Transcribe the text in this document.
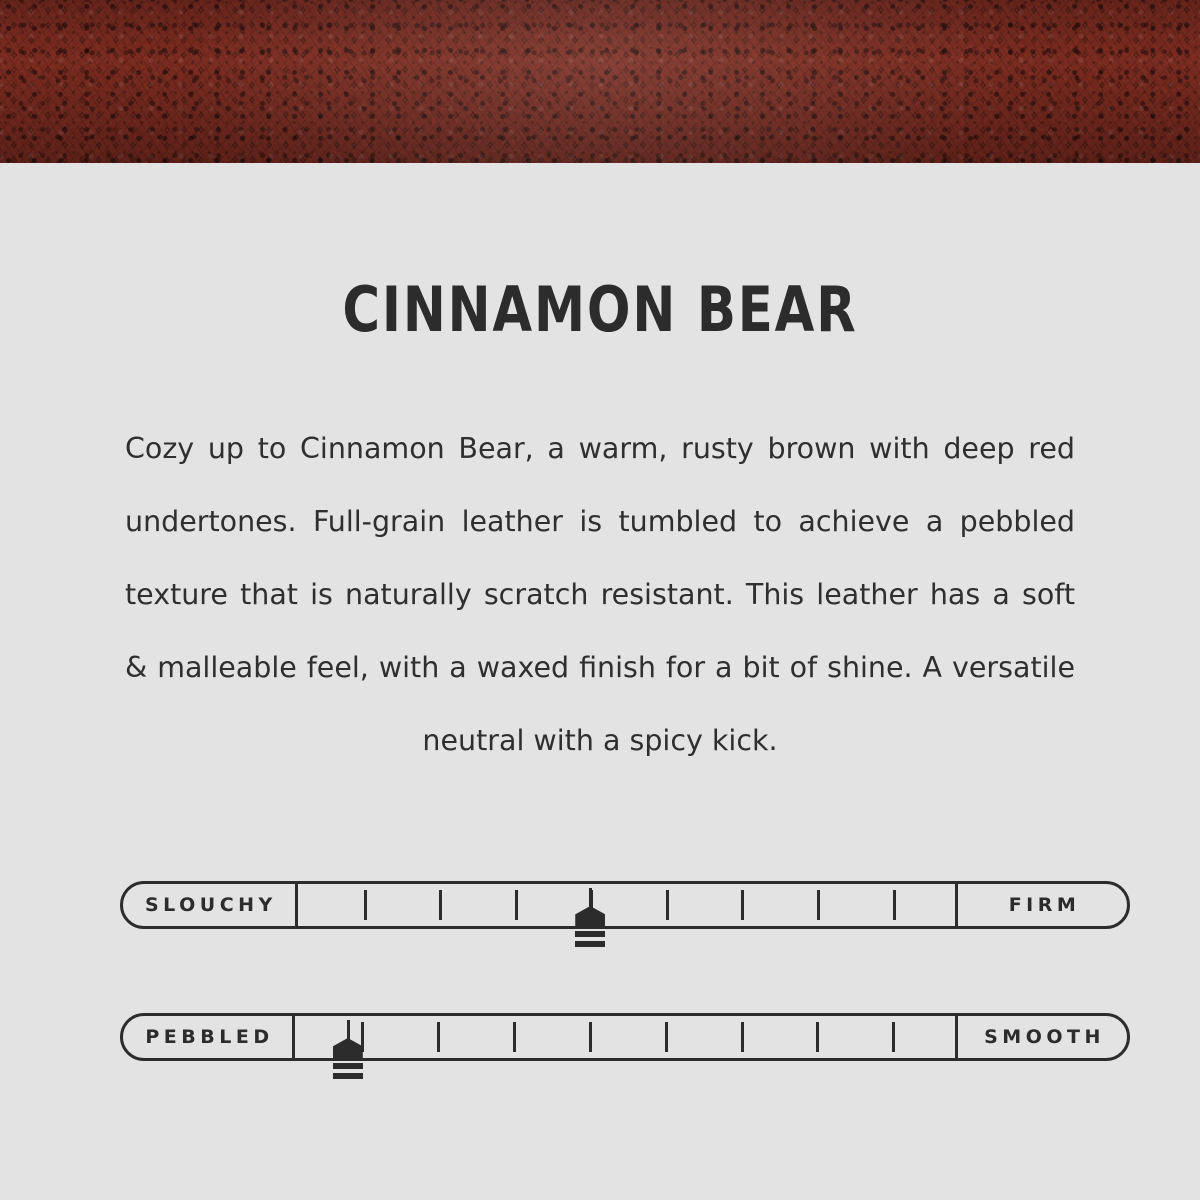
CINNAMON BEAR

Cozy up to Cinnamon Bear, a warm, rusty brown with deep red undertones. Full-grain leather is tumbled to achieve a pebbled texture that is naturally scratch resistant. This leather has a soft & malleable feel, with a waxed finish for a bit of shine. A versatile neutral with a spicy kick.

SLOUCHY	FIRM
PEBBLED	SMOOTH
